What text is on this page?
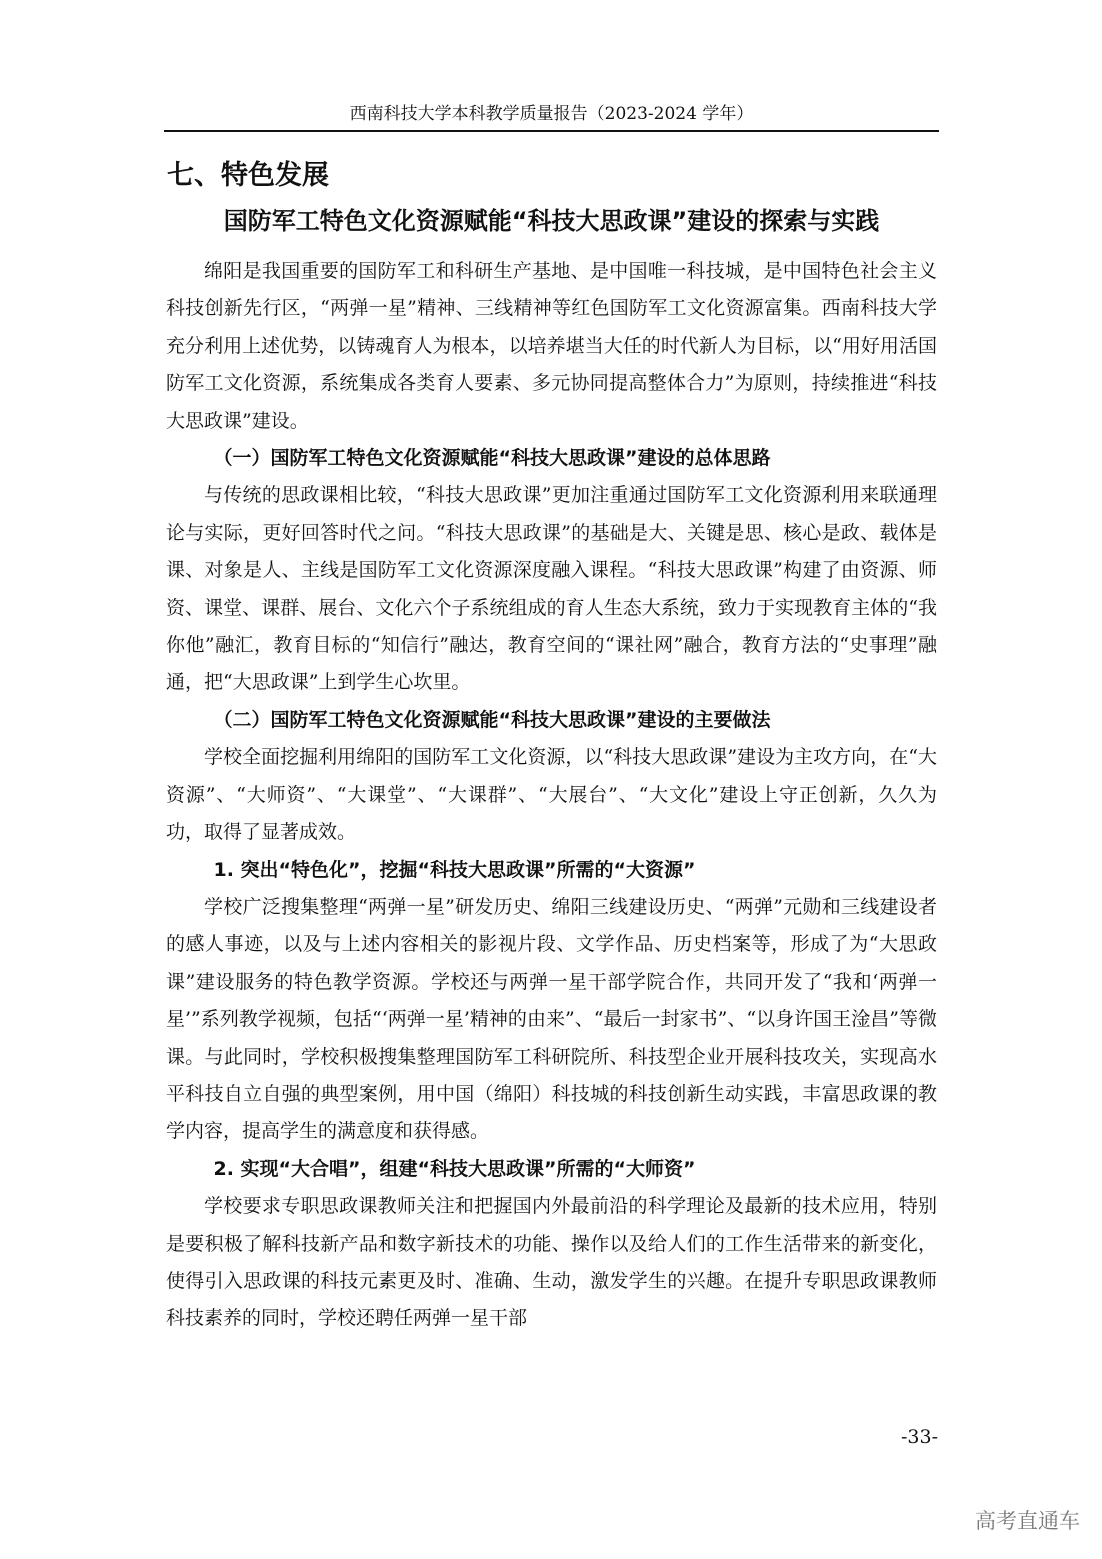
西南科技大学本科教学质量报告（2023-2024 学年）
七、特色发展
国防军工特色文化资源赋能“科技大思政课”建设的探索与实践

绵阳是我国重要的国防军工和科研生产基地、是中国唯一科技城，是中国特色社会主义科技创新先行区，“两弹一星”精神、三线精神等红色国防军工文化资源富集。西南科技大学充分利用上述优势，以铸魂育人为根本，以培养堪当大任的时代新人为目标，以“用好用活国防军工文化资源，系统集成各类育人要素、多元协同提高整体合力”为原则，持续推进“科技大思政课”建设。

（一）国防军工特色文化资源赋能“科技大思政课”建设的总体思路

与传统的思政课相比较，“科技大思政课”更加注重通过国防军工文化资源利用来联通理论与实际，更好回答时代之问。“科技大思政课”的基础是大、关键是思、核心是政、载体是课、对象是人、主线是国防军工文化资源深度融入课程。“科技大思政课”构建了由资源、师资、课堂、课群、展台、文化六个子系统组成的育人生态大系统，致力于实现教育主体的“我你他”融汇，教育目标的“知信行”融达，教育空间的“课社网”融合，教育方法的“史事理”融通，把“大思政课”上到学生心坎里。

（二）国防军工特色文化资源赋能“科技大思政课”建设的主要做法

学校全面挖掘利用绵阳的国防军工文化资源，以“科技大思政课”建设为主攻方向，在“大资源”、“大师资”、“大课堂”、“大课群”、“大展台”、“大文化”建设上守正创新，久久为功，取得了显著成效。

1. 突出“特色化”，挖掘“科技大思政课”所需的“大资源”

学校广泛搜集整理“两弹一星”研发历史、绵阳三线建设历史、“两弹”元勋和三线建设者的感人事迹，以及与上述内容相关的影视片段、文学作品、历史档案等，形成了为“大思政课”建设服务的特色教学资源。学校还与两弹一星干部学院合作，共同开发了“我和‘两弹一星’”系列教学视频，包括“‘两弹一星’精神的由来”、“最后一封家书”、“以身许国王淦昌”等微课。与此同时，学校积极搜集整理国防军工科研院所、科技型企业开展科技攻关，实现高水平科技自立自强的典型案例，用中国（绵阳）科技城的科技创新生动实践，丰富思政课的教学内容，提高学生的满意度和获得感。

2. 实现“大合唱”，组建“科技大思政课”所需的“大师资”

学校要求专职思政课教师关注和把握国内外最前沿的科学理论及最新的技术应用，特别是要积极了解科技新产品和数字新技术的功能、操作以及给人们的工作生活带来的新变化，使得引入思政课的科技元素更及时、准确、生动，激发学生的兴趣。在提升专职思政课教师科技素养的同时，学校还聘任两弹一星干部

-33-
高考直通车
